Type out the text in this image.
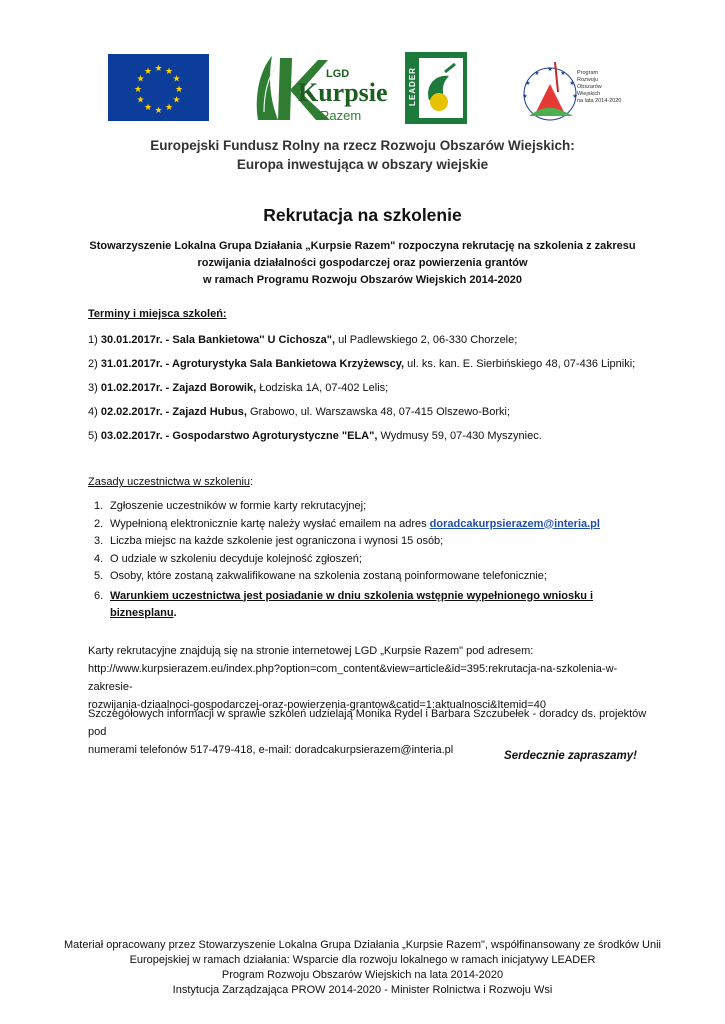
★ ★
★
★
★
★
★
★
★
★
★
★	LGD
Kurpsie
Razem
LEADER	★
★
★
★
★
★
★
Program
Rozwoju
Obszarów
Wiejskich
na lata 2014-2020
Europejski Fundusz Rolny na rzecz Rozwoju Obszarów Wiejskich:
Europa inwestująca w obszary wiejskie
Rekrutacja na szkolenie
Stowarzyszenie Lokalna Grupa Działania „Kurpsie Razem" rozpoczyna rekrutację na szkolenia z zakresu
rozwijania działalności gospodarczej oraz powierzenia grantów
w ramach Programu Rozwoju Obszarów Wiejskich 2014-2020
Terminy i miejsca szkoleń:
1) 30.01.2017r. - Sala Bankietowa'' U Cichosza", ul Padlewskiego 2, 06-330 Chorzele;
2) 31.01.2017r. - Agroturystyka Sala Bankietowa Krzyżewscy, ul. ks. kan. E. Sierbińskiego 48, 07-436 Lipniki;
3) 01.02.2017r. - Zajazd Borowik, Łodziska 1A, 07-402 Lelis;
4) 02.02.2017r. - Zajazd Hubus, Grabowo, ul. Warszawska 48, 07-415 Olszewo-Borki;
5) 03.02.2017r. - Gospodarstwo Agroturystyczne "ELA", Wydmusy 59, 07-430 Myszyniec.
Zasady uczestnictwa w szkoleniu:
1. Zgłoszenie uczestników w formie karty rekrutacyjnej;
2. Wypełnioną elektronicznie kartę należy wysłać emailem na adres doradcakurpsierazem@interia.pl
3. Liczba miejsc na każde szkolenie jest ograniczona i wynosi 15 osób;
4. O udziale w szkoleniu decyduje kolejność zgłoszeń;
5. Osoby, które zostaną zakwalifikowane na szkolenia zostaną poinformowane telefonicznie;
6. Warunkiem uczestnictwa jest posiadanie w dniu szkolenia wstępnie wypełnionego wniosku i biznesplanu.
Karty rekrutacyjne znajdują się na stronie internetowej LGD „Kurpsie Razem" pod adresem:
http://www.kurpsierazem.eu/index.php?option=com_content&view=article&id=395:rekrutacja-na-szkolenia-w-zakresie-
rozwijania-dziaalnoci-gospodarczej-oraz-powierzenia-grantow&catid=1:aktualnosci&Itemid=40
Szczegółowych informacji w sprawie szkoleń udzielają Monika Rydel i Barbara Szczubełek - doradcy ds. projektów pod
numerami telefonów 517-479-418, e-mail: doradcakurpsierazem@interia.pl	Serdecznie zapraszamy!
Materiał opracowany przez Stowarzyszenie Lokalna Grupa Działania „Kurpsie Razem", współfinansowany ze środków Unii
Europejskiej w ramach działania: Wsparcie dla rozwoju lokalnego w ramach inicjatywy LEADER
Program Rozwoju Obszarów Wiejskich na lata 2014-2020
Instytucja Zarządzająca PROW 2014-2020 - Minister Rolnictwa i Rozwoju Wsi
